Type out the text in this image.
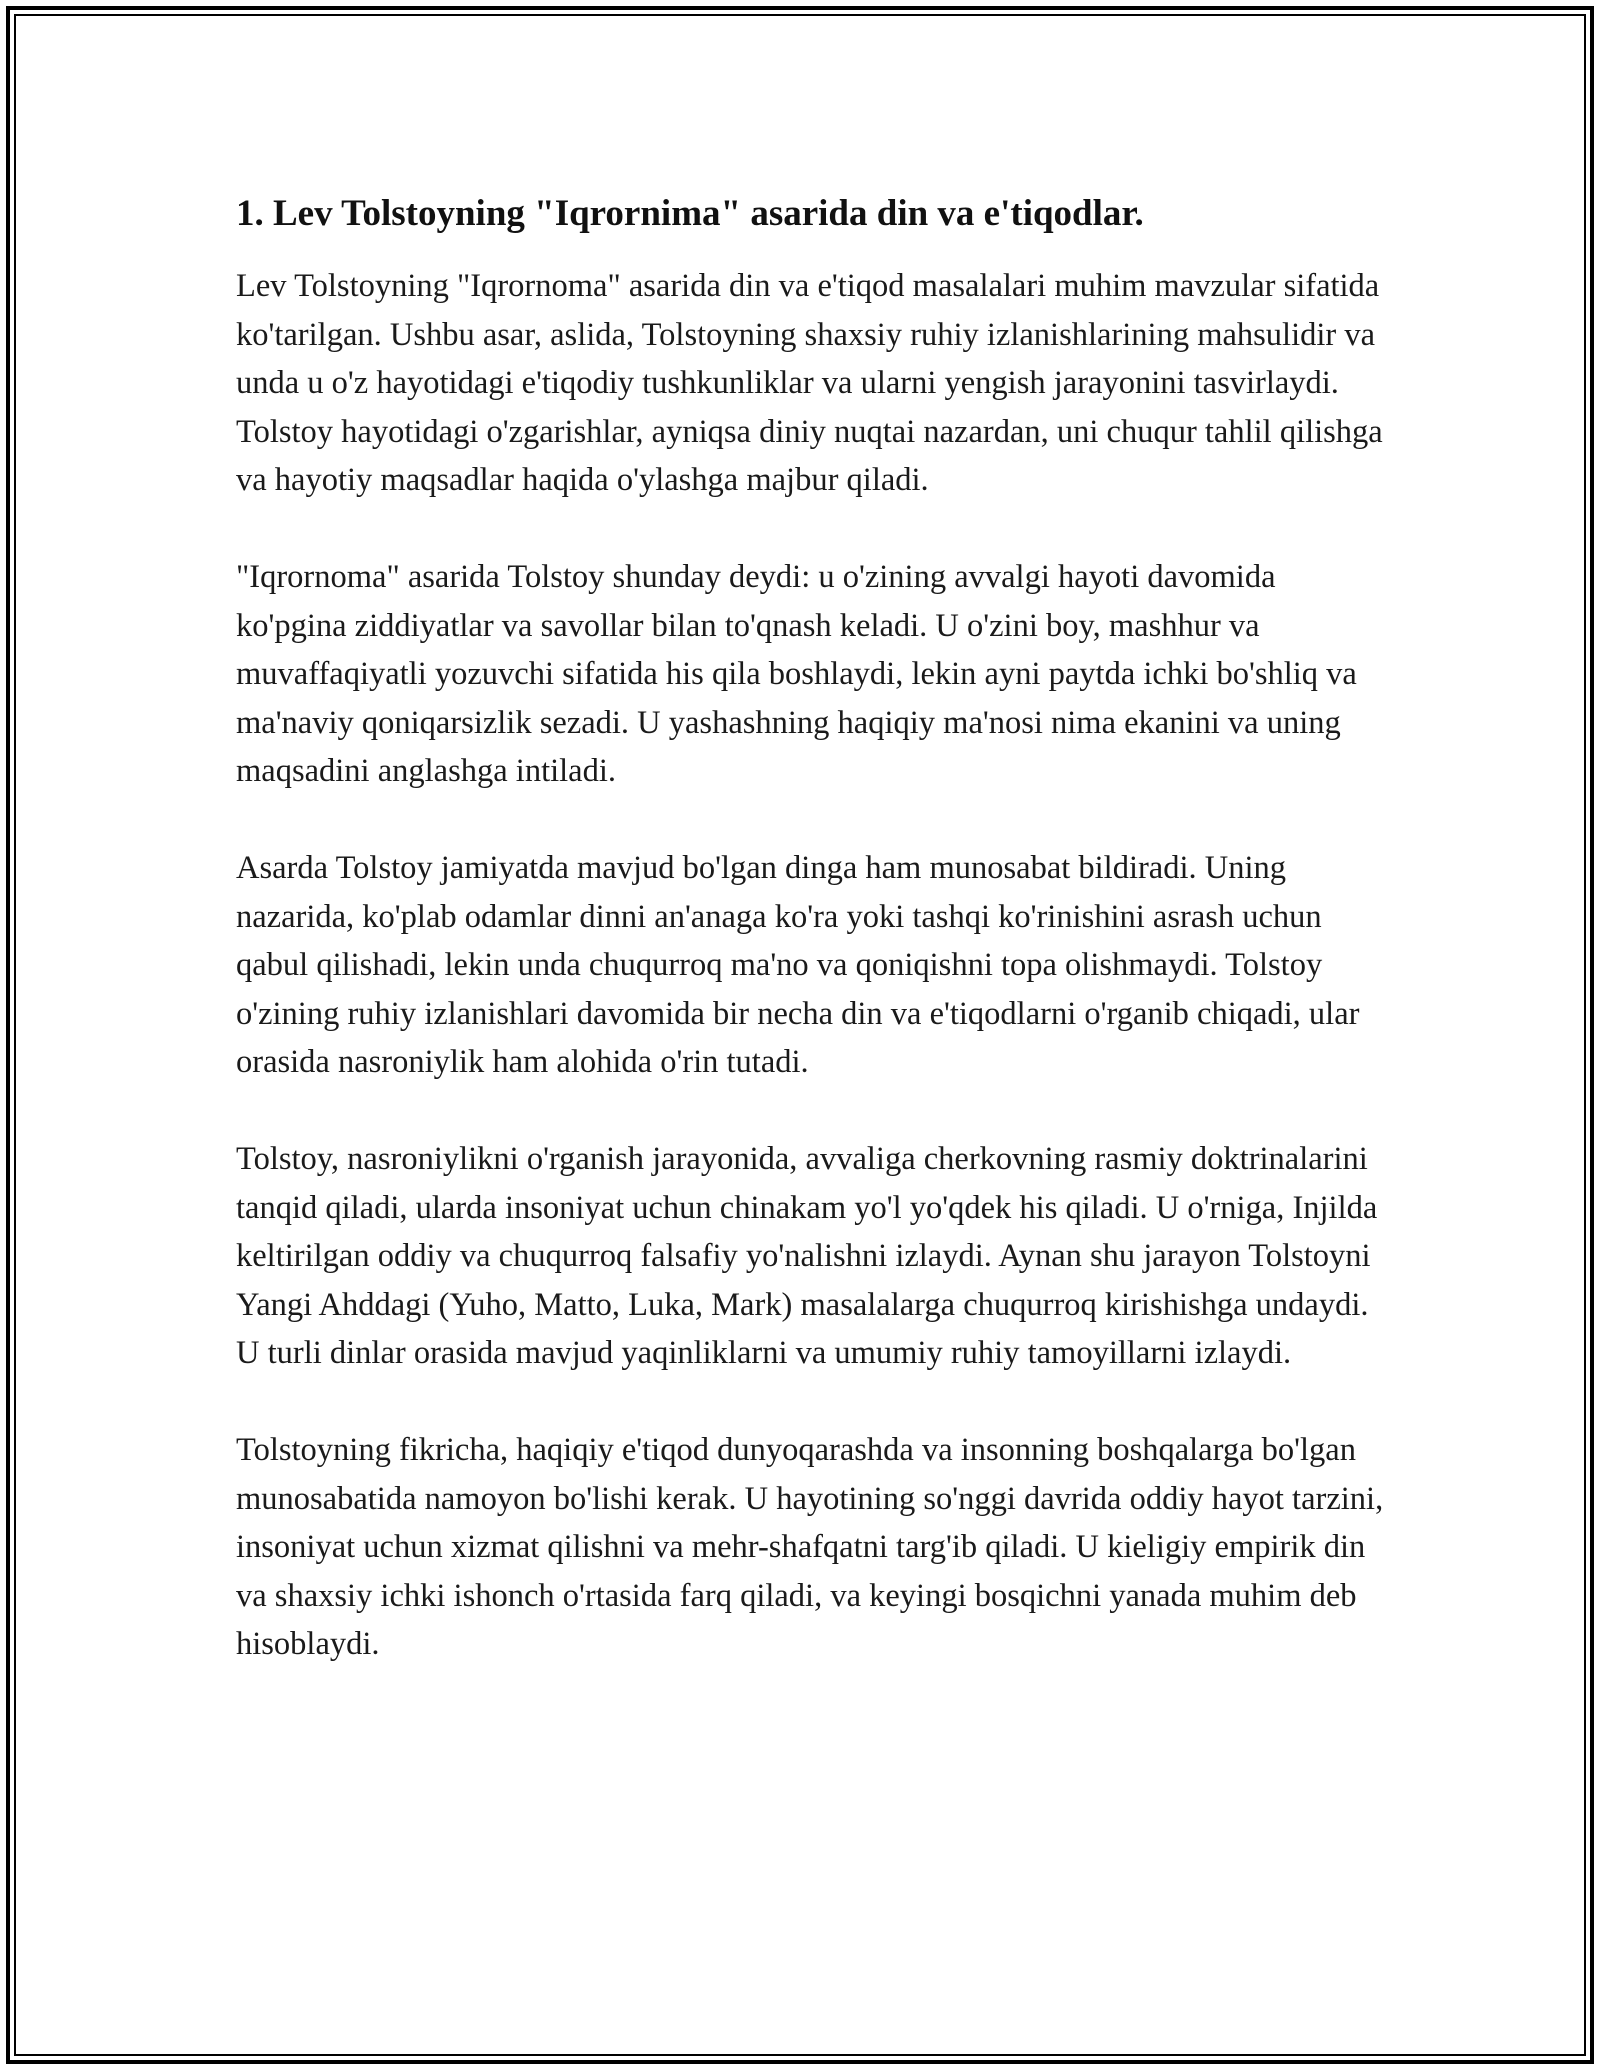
1. Lev Tolstoyning "Iqrornima" asarida din va e'tiqodlar.

Lev Tolstoyning "Iqrornoma" asarida din va e'tiqod masalalari muhim mavzular sifatida ko'tarilgan. Ushbu asar, aslida, Tolstoyning shaxsiy ruhiy izlanishlarining mahsulidir va unda u o'z hayotidagi e'tiqodiy tushkunliklar va ularni yengish jarayonini tasvirlaydi. Tolstoy hayotidagi o'zgarishlar, ayniqsa diniy nuqtai nazardan, uni chuqur tahlil qilishga va hayotiy maqsadlar haqida o'ylashga majbur qiladi.

"Iqrornoma" asarida Tolstoy shunday deydi: u o'zining avvalgi hayoti davomida ko'pgina ziddiyatlar va savollar bilan to'qnash keladi. U o'zini boy, mashhur va muvaffaqiyatli yozuvchi sifatida his qila boshlaydi, lekin ayni paytda ichki bo'shliq va ma'naviy qoniqarsizlik sezadi. U yashashning haqiqiy ma'nosi nima ekanini va uning maqsadini anglashga intiladi.

Asarda Tolstoy jamiyatda mavjud bo'lgan dinga ham munosabat bildiradi. Uning nazarida, ko'plab odamlar dinni an'anaga ko'ra yoki tashqi ko'rinishini asrash uchun qabul qilishadi, lekin unda chuqurroq ma'no va qoniqishni topa olishmaydi. Tolstoy o'zining ruhiy izlanishlari davomida bir necha din va e'tiqodlarni o'rganib chiqadi, ular orasida nasroniylik ham alohida o'rin tutadi.

Tolstoy, nasroniylikni o'rganish jarayonida, avvaliga cherkovning rasmiy doktrinalarini tanqid qiladi, ularda insoniyat uchun chinakam yo'l yo'qdek his qiladi. U o'rniga, Injilda keltirilgan oddiy va chuqurroq falsafiy yo'nalishni izlaydi. Aynan shu jarayon Tolstoyni Yangi Ahddagi (Yuho, Matto, Luka, Mark) masalalarga chuqurroq kirishishga undaydi. U turli dinlar orasida mavjud yaqinliklarni va umumiy ruhiy tamoyillarni izlaydi.

Tolstoyning fikricha, haqiqiy e'tiqod dunyoqarashda va insonning boshqalarga bo'lgan munosabatida namoyon bo'lishi kerak. U hayotining so'nggi davrida oddiy hayot tarzini, insoniyat uchun xizmat qilishni va mehr-shafqatni targ'ib qiladi. U kieligiy empirik din va shaxsiy ichki ishonch o'rtasida farq qiladi, va keyingi bosqichni yanada muhim deb hisoblaydi.
